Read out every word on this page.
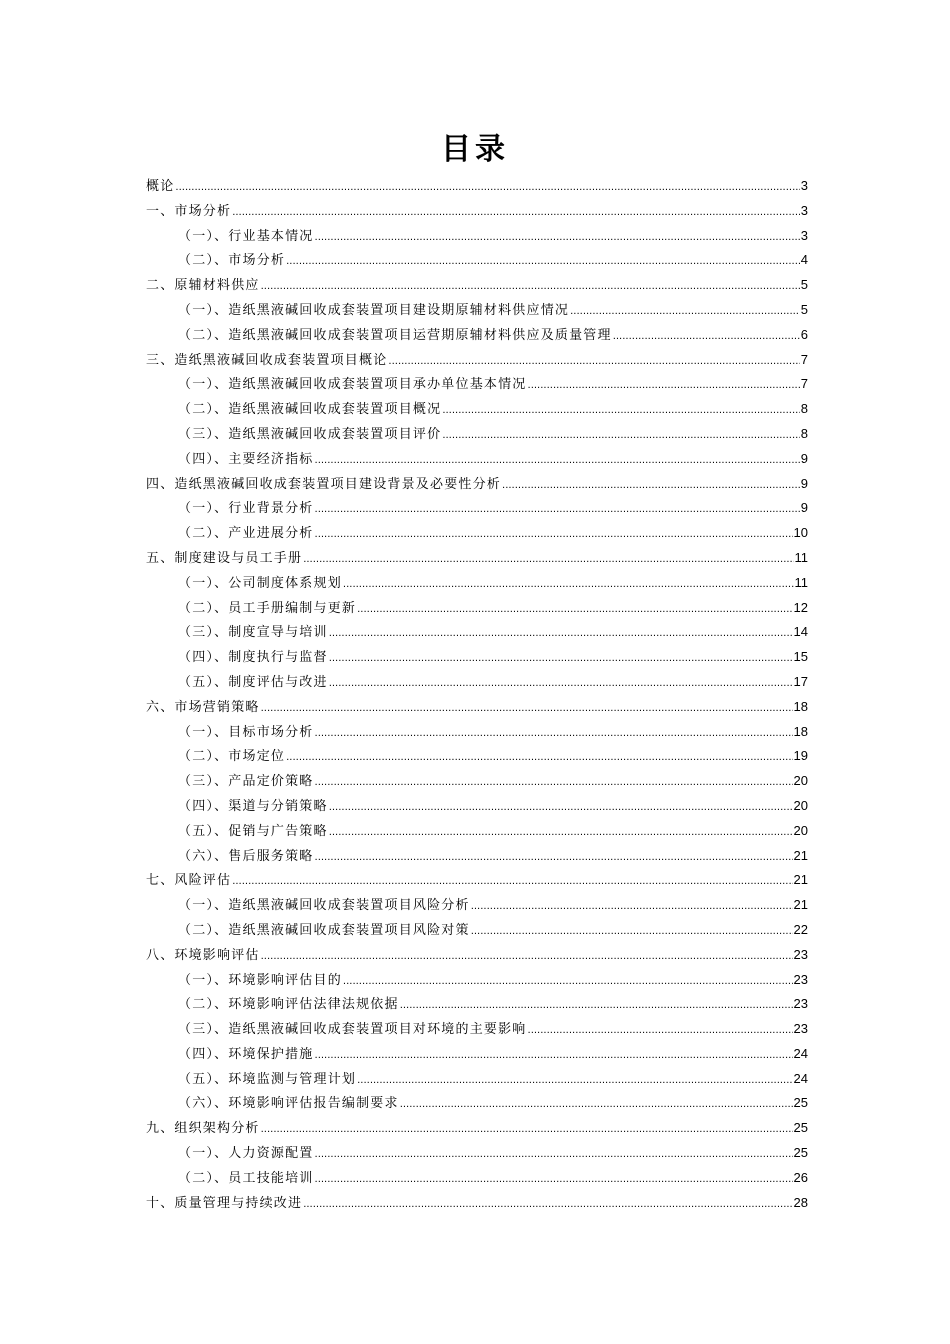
目录
概论 .....	3
一、市场分析 .....	3
（一）、行业基本情况 .....	3
（二）、市场分析 .....	4
二、原辅材料供应 .....	5
（一）、造纸黑液碱回收成套装置项目建设期原辅材料供应情况 .....	5
（二）、造纸黑液碱回收成套装置项目运营期原辅材料供应及质量管理 .....	6
三、造纸黑液碱回收成套装置项目概论 .....	7
（一）、造纸黑液碱回收成套装置项目承办单位基本情况 .....	7
（二）、造纸黑液碱回收成套装置项目概况 .....	8
（三）、造纸黑液碱回收成套装置项目评价 .....	8
（四）、主要经济指标 .....	9
四、造纸黑液碱回收成套装置项目建设背景及必要性分析 .....	9
（一）、行业背景分析 .....	9
（二）、产业进展分析 .....	10
五、制度建设与员工手册 .....	11
（一）、公司制度体系规划 .....	11
（二）、员工手册编制与更新 .....	12
（三）、制度宣导与培训 .....	14
（四）、制度执行与监督 .....	15
（五）、制度评估与改进 .....	17
六、市场营销策略 .....	18
（一）、目标市场分析 .....	18
（二）、市场定位 .....	19
（三）、产品定价策略 .....	20
（四）、渠道与分销策略 .....	20
（五）、促销与广告策略 .....	20
（六）、售后服务策略 .....	21
七、风险评估 .....	21
（一）、造纸黑液碱回收成套装置项目风险分析 .....	21
（二）、造纸黑液碱回收成套装置项目风险对策 .....	22
八、环境影响评估 .....	23
（一）、环境影响评估目的 .....	23
（二）、环境影响评估法律法规依据 .....	23
（三）、造纸黑液碱回收成套装置项目对环境的主要影响 .....	23
（四）、环境保护措施 .....	24
（五）、环境监测与管理计划 .....	24
（六）、环境影响评估报告编制要求 .....	25
九、组织架构分析 .....	25
（一）、人力资源配置 .....	25
（二）、员工技能培训 .....	26
十、质量管理与持续改进 .....	28
